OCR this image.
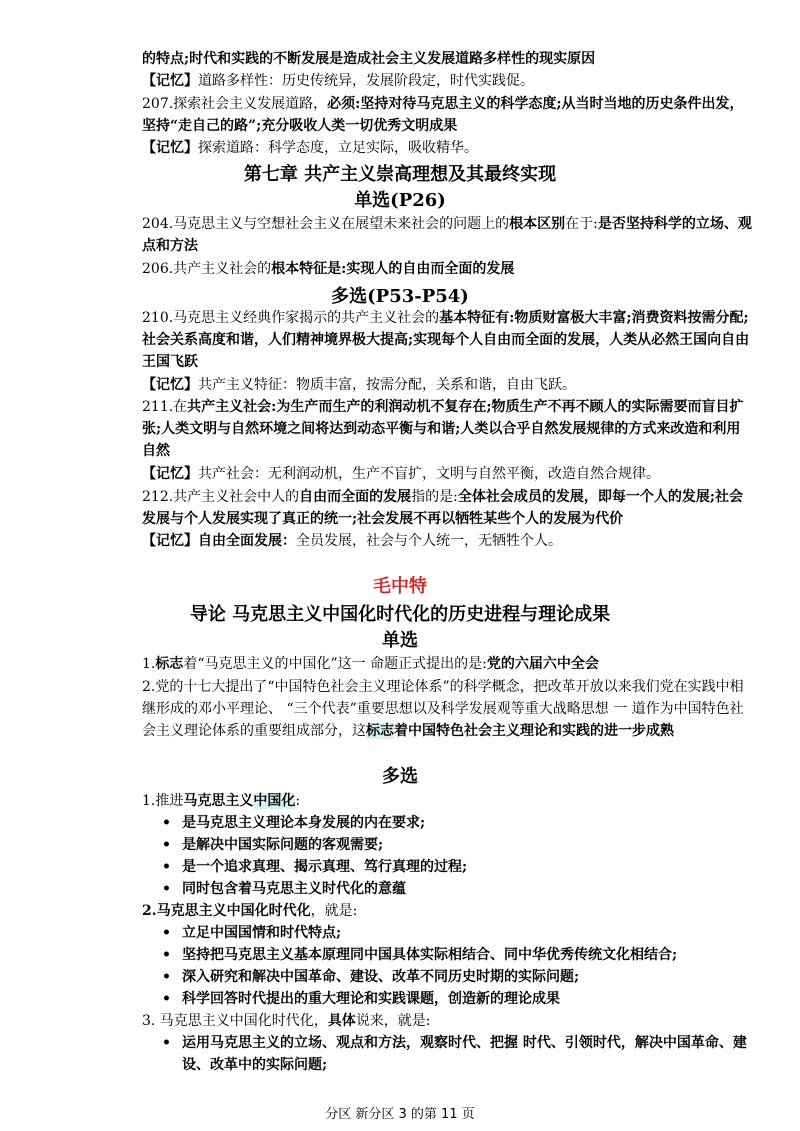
的特点;时代和实践的不断发展是造成社会主义发展道路多样性的现实原因

【记忆】道路多样性：历史传统异，发展阶段定，时代实践促。

207.探索社会主义发展道路，必须:坚持对待马克思主义的科学态度;从当时当地的历史条件出发，坚持“走自己的路”;充分吸收人类一切优秀文明成果

【记忆】探索道路：科学态度，立足实际，吸收精华。

第七章 共产主义崇高理想及其最终实现
单选(P26)

204.马克思主义与空想社会主义在展望未来社会的问题上的根本区别在于:是否坚持科学的立场、观点和方法

206.共产主义社会的根本特征是:实现人的自由而全面的发展

多选(P53-P54)

210.马克思主义经典作家揭示的共产主义社会的基本特征有:物质财富极大丰富;消费资料按需分配;社会关系高度和谐，人们精神境界极大提高;实现每个人自由而全面的发展，人类从必然王国向自由王国飞跃

【记忆】共产主义特征：物质丰富，按需分配，关系和谐，自由飞跃。

211.在共产主义社会:为生产而生产的利润动机不复存在;物质生产不再不顾人的实际需要而盲目扩张;人类文明与自然环境之间将达到动态平衡与和谐;人类以合乎自然发展规律的方式来改造和利用自然

【记忆】共产社会：无利润动机，生产不盲扩，文明与自然平衡，改造自然合规律。

212.共产主义社会中人的自由而全面的发展指的是:全体社会成员的发展，即每一个人的发展;社会发展与个人发展实现了真正的统一;社会发展不再以牺牲某些个人的发展为代价

【记忆】自由全面发展：全员发展，社会与个人统一，无牺牲个人。

毛中特
导论 马克思主义中国化时代化的历史进程与理论成果
单选

1.标志着“马克思主义的中国化”这一 命题正式提出的是:党的六届六中全会

2.党的十七大提出了“中国特色社会主义理论体系”的科学概念，把改革开放以来我们党在实践中相 继形成的邓小平理论、 “三个代表”重要思想以及科学发展观等重大战略思想 一 道作为中国特色社会主义理论体系的重要组成部分，这标志着中国特色社会主义理论和实践的进一步成熟

多选

1.推进马克思主义中国化:

• 是马克思主义理论本身发展的内在要求;
• 是解决中国实际问题的客观需要;
• 是一个追求真理、揭示真理、笃行真理的过程;
• 同时包含着马克思主义时代化的意蕴

2.马克思主义中国化时代化，就是:

• 立足中国国情和时代特点;
• 坚持把马克思主义基本原理同中国具体实际相结合、同中华优秀传统文化相结合;
• 深入研究和解决中国革命、建设、改革不同历史时期的实际问题;
• 科学回答时代提出的重大理论和实践课题，创造新的理论成果

3. 马克思主义中国化时代化，具体说来，就是:

• 运用马克思主义的立场、观点和方法，观察时代、把握 时代、引领时代，解决中国革命、建设、改革中的实际问题;
分区 新分区 3 的第 11 页
